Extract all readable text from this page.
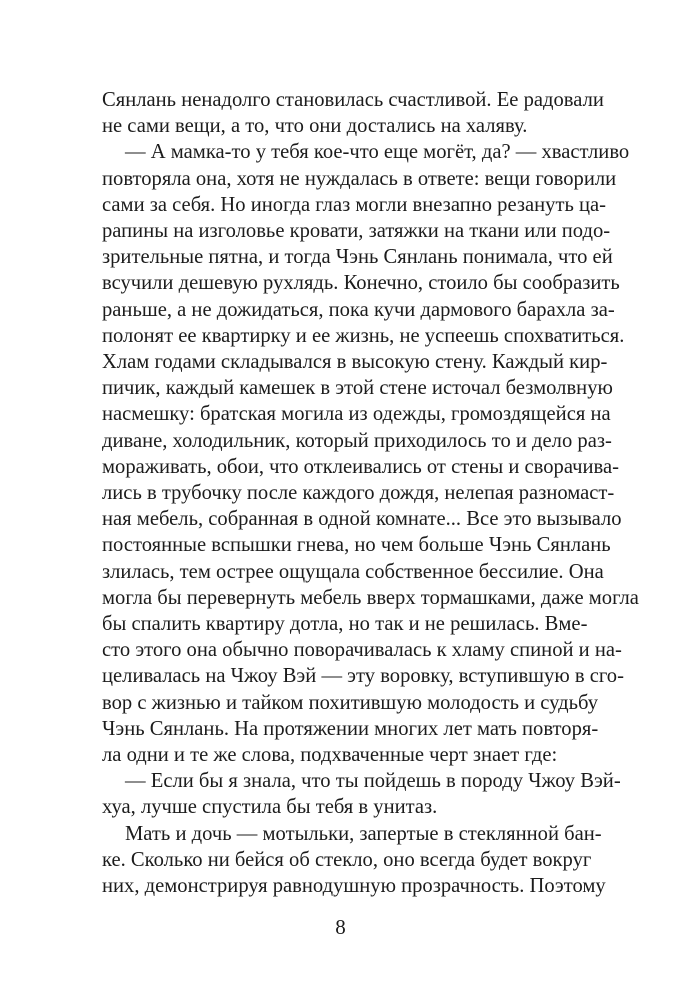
Сянлань ненадолго становилась счастливой. Ее радовали
не сами вещи, а то, что они достались на халяву.
— А мамка-то у тебя кое-что еще могёт, да? — хвастливо
повторяла она, хотя не нуждалась в ответе: вещи говорили
сами за себя. Но иногда глаз могли внезапно резануть ца-
рапины на изголовье кровати, затяжки на ткани или подо-
зрительные пятна, и тогда Чэнь Сянлань понимала, что ей
всучили дешевую рухлядь. Конечно, стоило бы сообразить
раньше, а не дожидаться, пока кучи дармового барахла за-
полонят ее квартирку и ее жизнь, не успеешь спохватиться.
Хлам годами складывался в высокую стену. Каждый кир-
пичик, каждый камешек в этой стене источал безмолвную
насмешку: братская могила из одежды, громоздящейся на
диване, холодильник, который приходилось то и дело раз-
мораживать, обои, что отклеивались от стены и сворачива-
лись в трубочку после каждого дождя, нелепая разномаст-
ная мебель, собранная в одной комнате... Все это вызывало
постоянные вспышки гнева, но чем больше Чэнь Сянлань
злилась, тем острее ощущала собственное бессилие. Она
могла бы перевернуть мебель вверх тормашками, даже могла
бы спалить квартиру дотла, но так и не решилась. Вме-
сто этого она обычно поворачивалась к хламу спиной и на-
целивалась на Чжоу Вэй — эту воровку, вступившую в сго-
вор с жизнью и тайком похитившую молодость и судьбу
Чэнь Сянлань. На протяжении многих лет мать повторя-
ла одни и те же слова, подхваченные черт знает где:
— Если бы я знала, что ты пойдешь в породу Чжоу Вэй-
хуа, лучше спустила бы тебя в унитаз.
Мать и дочь — мотыльки, запертые в стеклянной бан-
ке. Сколько ни бейся об стекло, оно всегда будет вокруг
них, демонстрируя равнодушную прозрачность. Поэтому
8
